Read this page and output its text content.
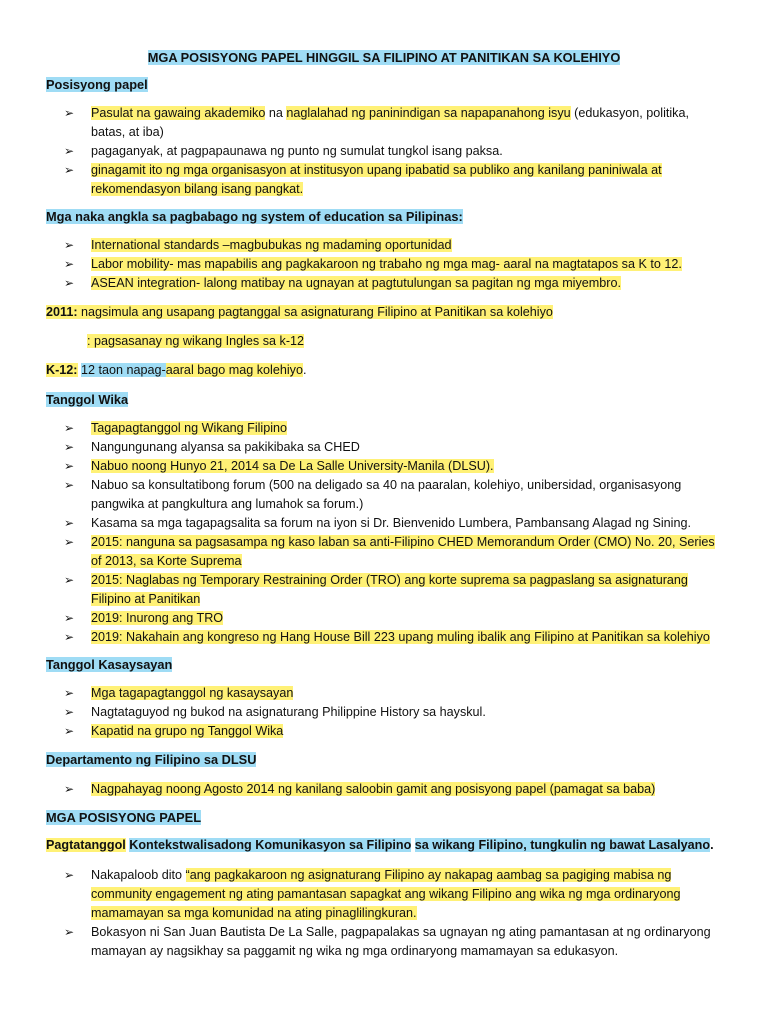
MGA POSISYONG PAPEL HINGGIL SA FILIPINO AT PANITIKAN SA KOLEHIYO
Posisyong papel
➢ Pasulat na gawaing akademiko na naglalahad ng paninindigan sa napapanahong isyu (edukasyon, politika, batas, at iba)
➢ pagaganyak, at pagpapaunawa ng punto ng sumulat tungkol isang paksa.
➢ ginagamit ito ng mga organisasyon at institusyon upang ipabatid sa publiko ang kanilang paniniwala at rekomendasyon bilang isang pangkat.
Mga naka angkla sa pagbabago ng system of education sa Pilipinas:
➢ International standards –magbubukas ng madaming oportunidad
➢ Labor mobility- mas mapabilis ang pagkakaroon ng trabaho ng mga mag- aaral na magtatapos sa K to 12.
➢ ASEAN integration- lalong matibay na ugnayan at pagtutulungan sa pagitan ng mga miyembro.
2011: nagsimula ang usapang pagtanggal sa asignaturang Filipino at Panitikan sa kolehiyo
: pagsasanay ng wikang Ingles sa k-12
K-12: 12 taon napag-aaral bago mag kolehiyo.
Tanggol Wika
➢ Tagapagtanggol ng Wikang Filipino
➢ Nangungunang alyansa sa pakikibaka sa CHED
➢ Nabuo noong Hunyo 21, 2014 sa De La Salle University-Manila (DLSU).
➢ Nabuo sa konsultatibong forum (500 na deligado sa 40 na paaralan, kolehiyo, unibersidad, organisasyong pangwika at pangkultura ang lumahok sa forum.)
➢ Kasama sa mga tagapagsalita sa forum na iyon si Dr. Bienvenido Lumbera, Pambansang Alagad ng Sining.
➢ 2015: nanguna sa pagsasampa ng kaso laban sa anti-Filipino CHED Memorandum Order (CMO) No. 20, Series of 2013, sa Korte Suprema
➢ 2015: Naglabas ng Temporary Restraining Order (TRO) ang korte suprema sa pagpaslang sa asignaturang Filipino at Panitikan
➢ 2019: Inurong ang TRO
➢ 2019: Nakahain ang kongreso ng Hang House Bill 223 upang muling ibalik ang Filipino at Panitikan sa kolehiyo
Tanggol Kasaysayan
➢ Mga tagapagtanggol ng kasaysayan
➢ Nagtataguyod ng bukod na asignaturang Philippine History sa hayskul.
➢ Kapatid na grupo ng Tanggol Wika
Departamento ng Filipino sa DLSU
➢ Nagpahayag noong Agosto 2014 ng kanilang saloobin gamit ang posisyong papel (pamagat sa baba)
MGA POSISYONG PAPEL
Pagtatanggol Kontekstwalisadong Komunikasyon sa Filipino sa wikang Filipino, tungkulin ng bawat Lasalyano.
➢ Nakapaloob dito “ang pagkakaroon ng asignaturang Filipino ay nakapag aambag sa pagiging mabisa ng community engagement ng ating pamantasan sapagkat ang wikang Filipino ang wika ng mga ordinaryong mamamayan sa mga komunidad na ating pinaglilingkuran.
➢ Bokasyon ni San Juan Bautista De La Salle, pagpapalakas sa ugnayan ng ating pamantasan at ng ordinaryong mamayan ay nagsikhay sa paggamit ng wika ng mga ordinaryong mamamayan sa edukasyon.
